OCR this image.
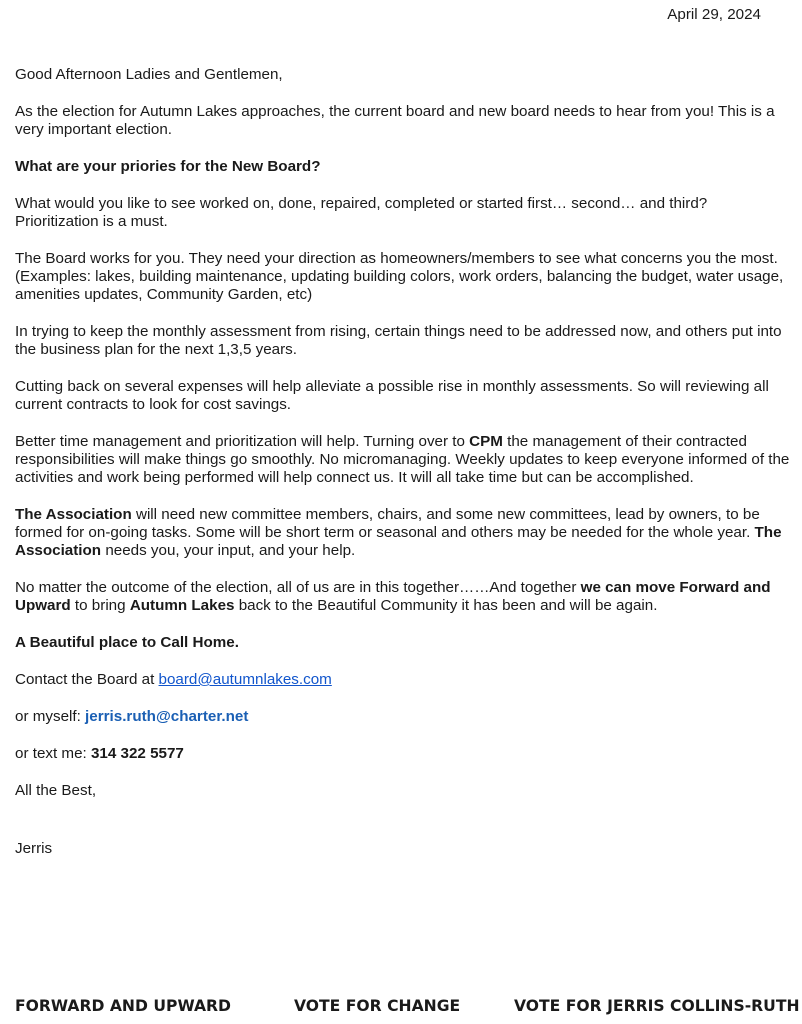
April 29, 2024

Good Afternoon Ladies and Gentlemen,

As the election for Autumn Lakes approaches, the current board and new board needs to hear from you! This is a very important election.

What are your priories for the New Board?

What would you like to see worked on, done, repaired, completed or started first… second… and third? Prioritization is a must.

The Board works for you. They need your direction as homeowners/members to see what concerns you the most. (Examples: lakes, building maintenance, updating building colors, work orders, balancing the budget, water usage, amenities updates, Community Garden, etc)

In trying to keep the monthly assessment from rising, certain things need to be addressed now, and others put into the business plan for the next 1,3,5 years.

Cutting back on several expenses will help alleviate a possible rise in monthly assessments. So will reviewing all current contracts to look for cost savings.

Better time management and prioritization will help. Turning over to CPM the management of their contracted responsibilities will make things go smoothly. No micromanaging. Weekly updates to keep everyone informed of the activities and work being performed will help connect us. It will all take time but can be accomplished.

The Association will need new committee members, chairs, and some new committees, lead by owners, to be formed for on-going tasks. Some will be short term or seasonal and others may be needed for the whole year. The Association needs you, your input, and your help.

No matter the outcome of the election, all of us are in this together……And together we can move Forward and Upward to bring Autumn Lakes back to the Beautiful Community it has been and will be again.

A Beautiful place to Call Home.

Contact the Board at board@autumnlakes.com

or myself: jerris.ruth@charter.net

or text me: 314 322 5577

All the Best,

Jerris

FORWARD AND UPWARD	VOTE FOR CHANGE	VOTE FOR JERRIS COLLINS-RUTH
